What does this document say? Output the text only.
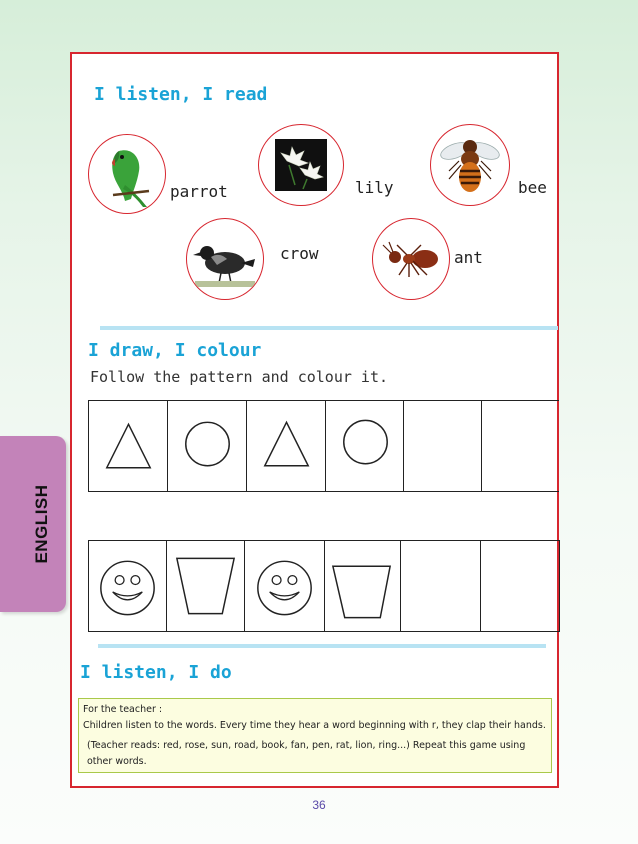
ENGLISH
I listen, I read
parrot	lily	bee
crow	ant
I draw, I colour
Follow the pattern and colour it.
I listen, I do
For the teacher :
Children listen to the words. Every time they hear a word beginning with r, they clap their hands.
(Teacher reads: red, rose, sun, road, book, fan, pen, rat, lion, ring...) Repeat this game using
other words.
36
